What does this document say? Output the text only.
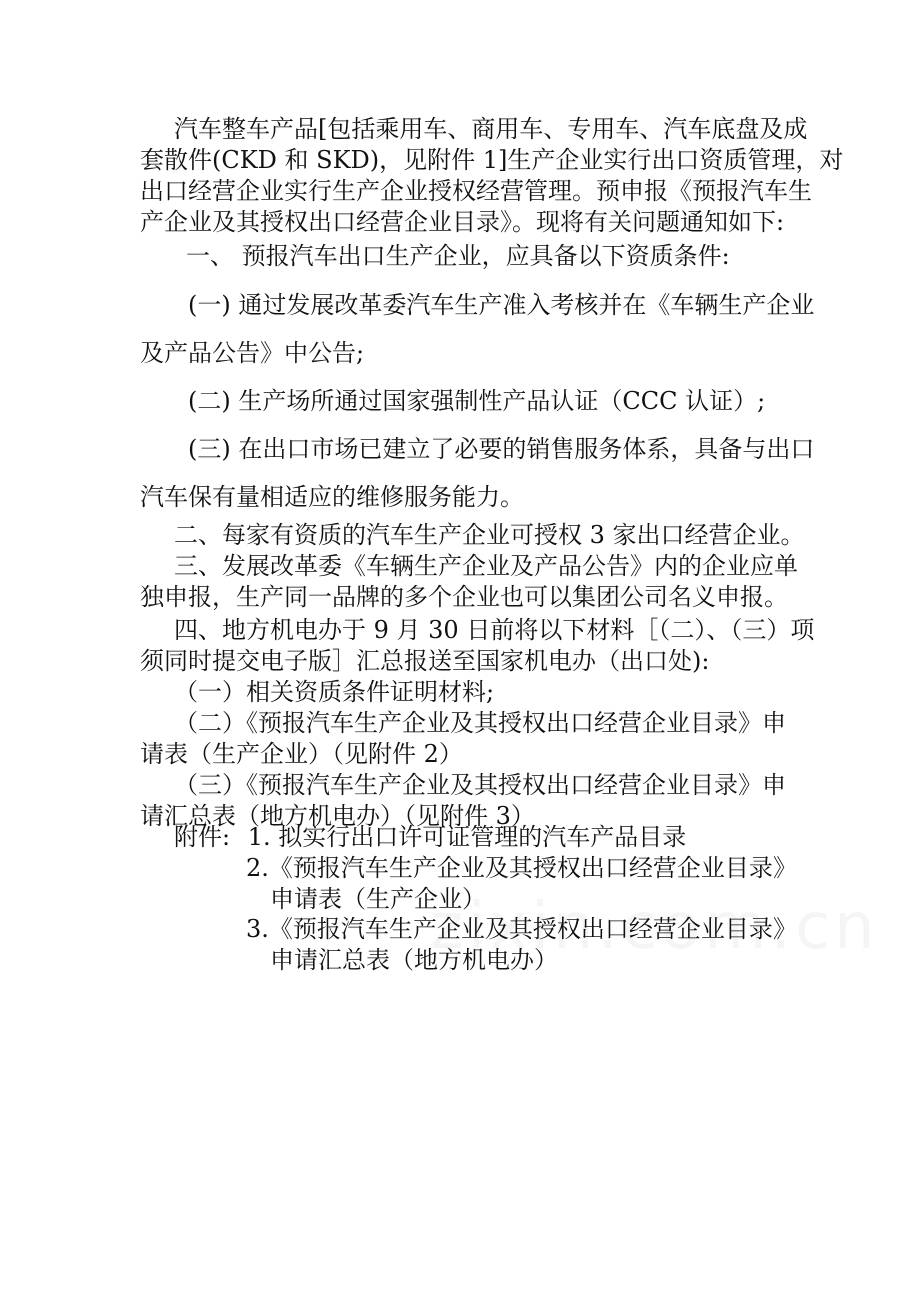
汽车整车产品[包括乘用车、商用车、专用车、汽车底盘及成
套散件(CKD 和 SKD)，见附件 1]生产企业实行出口资质管理，对
出口经营企业实行生产企业授权经营管理。预申报《预报汽车生
产企业及其授权出口经营企业目录》。现将有关问题通知如下:

一、 预报汽车出口生产企业，应具备以下资质条件:

(一) 通过发展改革委汽车生产准入考核并在《车辆生产企业
及产品公告》中公告;
(二) 生产场所通过国家强制性产品认证（CCC 认证）;
(三) 在出口市场已建立了必要的销售服务体系，具备与出口
汽车保有量相适应的维修服务能力。
二、每家有资质的汽车生产企业可授权 3 家出口经营企业。
三、发展改革委《车辆生产企业及产品公告》内的企业应单
独申报，生产同一品牌的多个企业也可以集团公司名义申报。
四、地方机电办于 9 月 30 日前将以下材料［（二）、（三）项
须同时提交电子版］汇总报送至国家机电办（出口处):
（一）相关资质条件证明材料;
（二）《预报汽车生产企业及其授权出口经营企业目录》申
请表（生产企业）（见附件 2）
（三）《预报汽车生产企业及其授权出口经营企业目录》申
请汇总表（地方机电办）（见附件 3）
附件: 1. 拟实行出口许可证管理的汽车产品目录
2.《预报汽车生产企业及其授权出口经营企业目录》
申请表（生产企业）
3.《预报汽车生产企业及其授权出口经营企业目录》
申请汇总表（地方机电办）
